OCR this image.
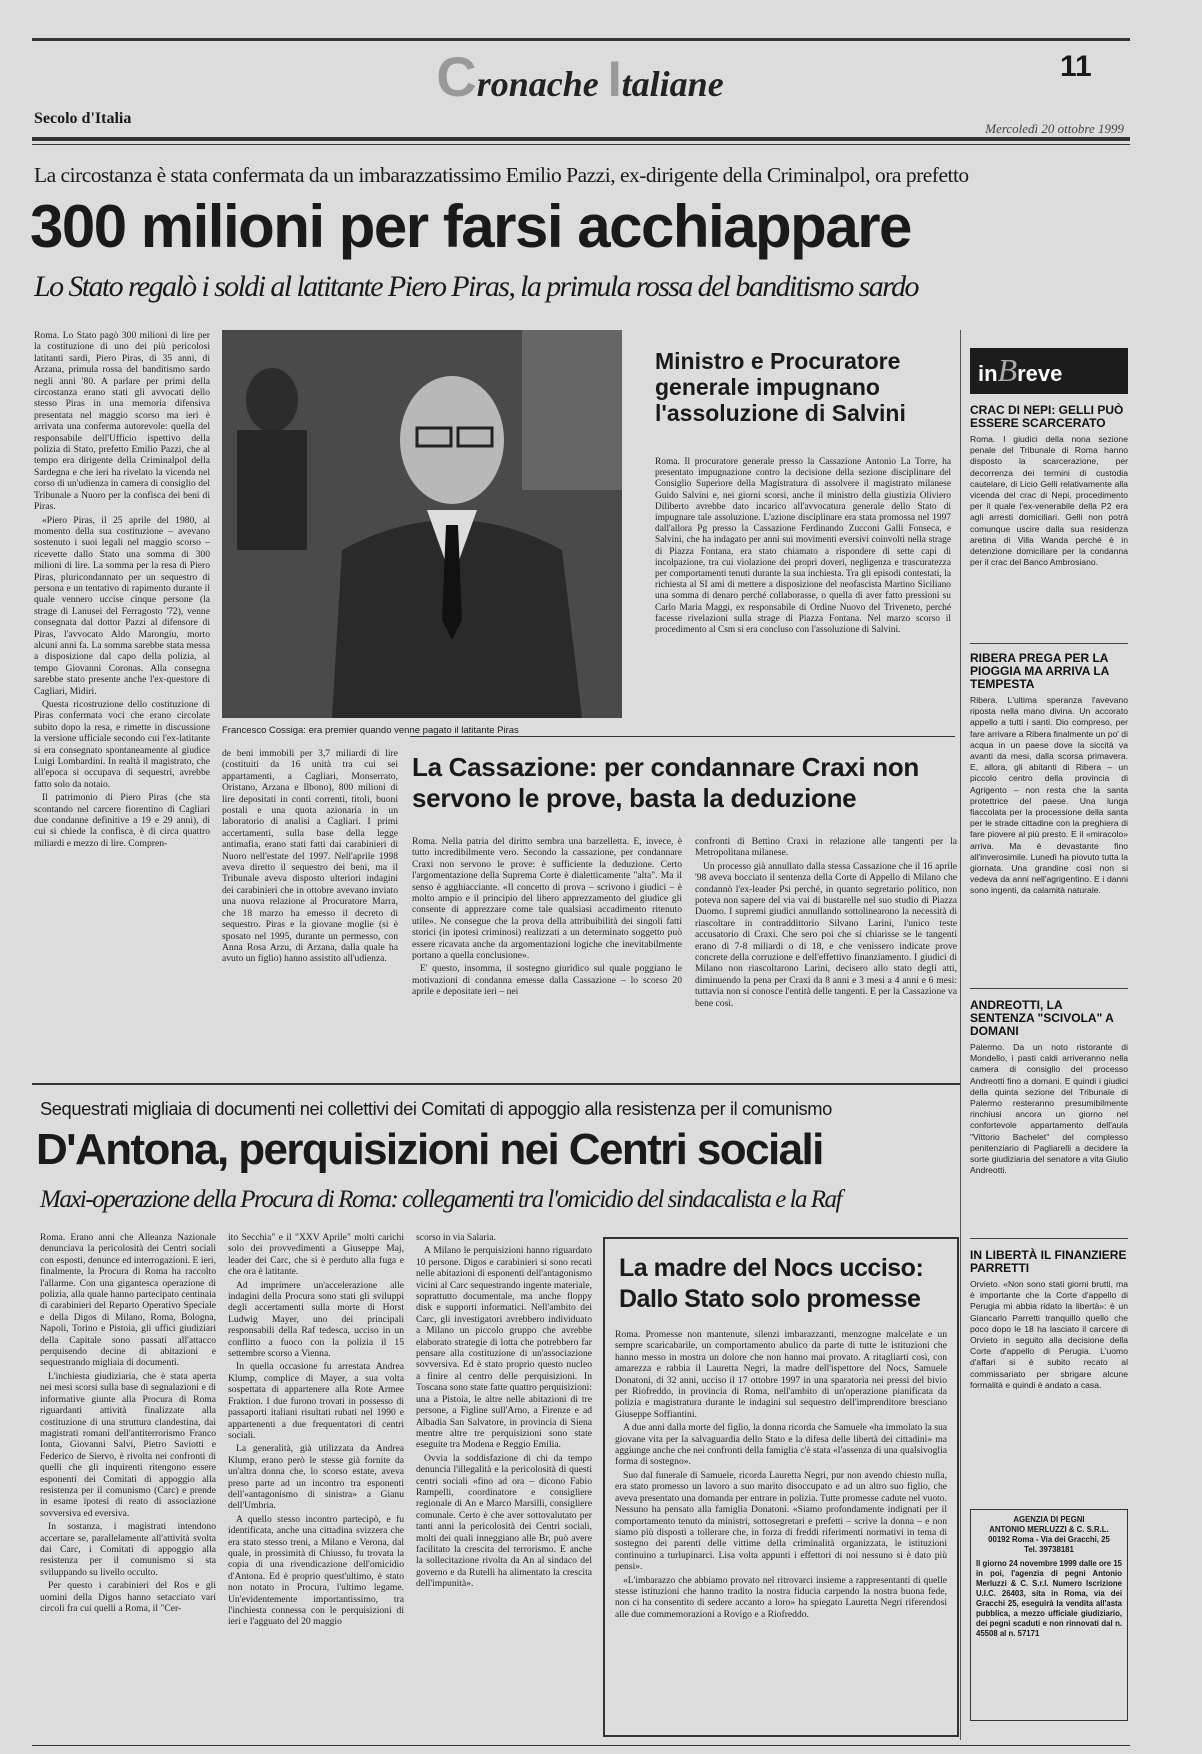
Cronache Italiane	11
Secolo d'Italia
Mercoledì 20 ottobre 1999
La circostanza è stata confermata da un imbarazzatissimo Emilio Pazzi, ex-dirigente della Criminalpol, ora prefetto
300 milioni per farsi acchiappare
Lo Stato regalò i soldi al latitante Piero Piras, la primula rossa del banditismo sardo

Roma. Lo Stato pagò 300 milioni di lire per la costituzione di uno dei più pericolosi latitanti sardi, Piero Piras, di 35 anni, di Arzana, primula rossa del banditismo sardo negli anni '80. A parlare per primi della circostanza erano stati gli avvocati dello stesso Piras in una memoria difensiva presentata nel maggio scorso ma ieri è arrivata una conferma autorevole: quella del responsabile dell'Ufficio ispettivo della polizia di Stato, prefetto Emilio Pazzi, che al tempo era dirigente della Criminalpol della Sardegna e che ieri ha rivelato la vicenda nel corso di un'udienza in camera di consiglio del Tribunale a Nuoro per la confisca dei beni di Piras.

«Piero Piras, il 25 aprile del 1980, al momento della sua costituzione – avevano sostenuto i suoi legali nel maggio scorso – ricevette dallo Stato una somma di 300 milioni di lire. La somma per la resa di Piero Piras, pluricondannato per un sequestro di persona e un tentativo di rapimento durante il quale vennero uccise cinque persone (la strage di Lanusei del Ferragosto '72), venne consegnata dal dottor Pazzi al difensore di Piras, l'avvocato Aldo Marongiu, morto alcuni anni fa. La somma sarebbe stata messa a disposizione dal capo della polizia, al tempo Giovanni Coronas. Alla consegna sarebbe stato presente anche l'ex-questore di Cagliari, Midiri.

Questa ricostruzione dello costituzione di Piras confermata voci che erano circolate subito dopo la resa, e rimette in discussione la versione ufficiale secondo cui l'ex-latitante si era consegnato spontaneamente al giudice Luigi Lombardini. In realtà il magistrato, che all'epoca si occupava di sequestri, avrebbe fatto solo da notaio.

Il patrimonio di Piero Piras (che sta scontando nel carcere fiorentino di Cagliari due condanne definitive a 19 e 29 anni), di cui si chiede la confisca, è di circa quattro miliardi e mezzo di lire. Compren-

Francesco Cossiga: era premier quando venne pagato il latitante Piras

de beni immobili per 3,7 miliardi di lire (costituiti da 16 unità tra cui sei appartamenti, a Cagliari, Monserrato, Oristano, Arzana e Ilbono), 800 milioni di lire depositati in conti correnti, titoli, buoni postali e una quota azionaria in un laboratorio di analisi a Cagliari. I primi accertamenti, sulla base della legge antimafia, erano stati fatti dai carabinieri di Nuoro nell'estate del 1997. Nell'aprile 1998 aveva diretto il sequestro dei beni, ma il Tribunale aveva disposto ulteriori indagini dei carabinieri che in ottobre avevano inviato una nuova relazione al Procuratore Marra, che 18 marzo ha emesso il decreto di sequestro. Piras e la giovane moglie (si è sposato nel 1995, durante un permesso, con Anna Rosa Arzu, di Arzana, dalla quale ha avuto un figlio) hanno assistito all'udienza.

Ministro e Procuratore generale impugnano l'assoluzione di Salvini

Roma. Il procuratore generale presso la Cassazione Antonio La Torre, ha presentato impugnazione contro la decisione della sezione disciplinare del Consiglio Superiore della Magistratura di assolvere il magistrato milanese Guido Salvini e, nei giorni scorsi, anche il ministro della giustizia Oliviero Diliberto avrebbe dato incarico all'avvocatura generale dello Stato di impugnare tale assoluzione. L'azione disciplinare era stata promossa nel 1997 dall'allora Pg presso la Cassazione Ferdinando Zucconi Galli Fonseca, e Salvini, che ha indagato per anni sui movimenti eversivi coinvolti nella strage di Piazza Fontana, era stato chiamato a rispondere di sette capi di incolpazione, tra cui violazione dei propri doveri, negligenza e trascuratezza per comportamenti tenuti durante la sua inchiesta. Tra gli episodi contestati, la richiesta al SI ami di mettere a disposizione del neofascista Martino Siciliano una somma di denaro perché collaborasse, o quella di aver fatto pressioni su Carlo Maria Maggi, ex responsabile di Ordine Nuovo del Triveneto, perché facesse rivelazioni sulla strage di Piazza Fontana. Nel marzo scorso il procedimento al Csm si era concluso con l'assoluzione di Salvini.

La Cassazione: per condannare Craxi non servono le prove, basta la deduzione

Roma. Nella patria del diritto sembra una barzelletta. E, invece, è tutto incredibilmente vero. Secondo la cassazione, per condannare Craxi non servono le prove: è sufficiente la deduzione. Certo l'argomentazione della Suprema Corte è dialetticamente "alta". Ma il senso è agghiacciante. «Il concetto di prova – scrivono i giudici – è molto ampio e il principio del libero apprezzamento del giudice gli consente di apprezzare come tale qualsiasi accadimento ritenuto utile». Ne consegue che la prova della attribuibilità dei singoli fatti storici (in ipotesi criminosi) realizzati a un determinato soggetto può essere ricavata anche da argomentazioni logiche che inevitabilmente portano a quella conclusione».

E' questo, insomma, il sostegno giuridico sul quale poggiano le motivazioni di condanna emesse dalla Cassazione – lo scorso 20 aprile e depositate ieri – nei

confronti di Bettino Craxi in relazione alle tangenti per la Metropolitana milanese.

Un processo già annullato dalla stessa Cassazione che il 16 aprile '98 aveva bocciato il sentenza della Corte di Appello di Milano che condannò l'ex-leader Psi perché, in quanto segretario politico, non poteva non sapere del via vai di bustarelle nel suo studio di Piazza Duomo. I supremi giudici annullando sottolinearono la necessità di riascoltare in contraddittorio Silvano Larini, l'unico teste accusatorio di Craxi. Che sero poi che si chiarisse se le tangenti erano di 7-8 miliardi o di 18, e che venissero indicate prove concrete della corruzione e dell'effettivo finanziamento. I giudici di Milano non riascoltarono Larini, decisero allo stato degli atti, diminuendo la pena per Craxi da 8 anni e 3 mesi a 4 anni e 6 mesi: tuttavia non si conosce l'entità delle tangenti. E per la Cassazione va bene così.

Sequestrati migliaia di documenti nei collettivi dei Comitati di appoggio alla resistenza per il comunismo
D'Antona, perquisizioni nei Centri sociali
Maxi-operazione della Procura di Roma: collegamenti tra l'omicidio del sindacalista e la Raf

Roma. Erano anni che Alleanza Nazionale denunciava la pericolosità dei Centri sociali con esposti, denunce ed interrogazioni. E ieri, finalmente, la Procura di Roma ha raccolto l'allarme. Con una gigantesca operazione di polizia, alla quale hanno partecipato centinaia di carabinieri del Reparto Operativo Speciale e della Digos di Milano, Roma, Bologna, Napoli, Torino e Pistoia, gli uffici giudiziari della Capitale sono passati all'attacco perquisendo decine di abitazioni e sequestrando migliaia di documenti.

L'inchiesta giudiziaria, che è stata aperta nei mesi scorsi sulla base di segnalazioni e di informative giunte alla Procura di Roma riguardanti attività finalizzate alla costituzione di una struttura clandestina, dai magistrati romani dell'antiterrorismo Franco Ionta, Giovanni Salvi, Pietro Saviotti e Federico de Siervo, è rivolta nei confronti di quelli che gli inquirenti ritengono essere esponenti dei Comitati di appoggio alla resistenza per il comunismo (Carc) e prende in esame ipotesi di reato di associazione sovversiva ed eversiva.

In sostanza, i magistrati intendono accertare se, parallelamente all'attività svolta dai Carc, i Comitati di appoggio alla resistenza per il comunismo si sta sviluppando su livello occulto.

Per questo i carabinieri del Ros e gli uomini della Digos hanno setacciato vari circoli fra cui quelli a Roma, il "Cer-

ito Secchia" e il "XXV Aprile" molti carichi solo dei provvedimenti a Giuseppe Maj, leader dei Carc, che si è perduto alla fuga e che ora è latitante.

Ad imprimere un'accelerazione alle indagini della Procura sono stati gli sviluppi degli accertamenti sulla morte di Horst Ludwig Mayer, uno dei principali responsabili della Raf tedesca, ucciso in un conflitto a fuoco con la polizia il 15 settembre scorso a Vienna.

In quella occasione fu arrestata Andrea Klump, complice di Mayer, a sua volta sospettata di appartenere alla Rote Armee Fraktion. I due furono trovati in possesso di passaporti italiani risultati rubati nel 1990 e appartenenti a due frequentatori di centri sociali.

La generalità, già utilizzata da Andrea Klump, erano però le stesse già fornite da un'altra donna che, lo scorso estate, aveva preso parte ad un incontro tra esponenti dell'«antagonismo di sinistra» a Gianu dell'Umbria.

A quello stesso incontro partecipò, e fu identificata, anche una cittadina svizzera che era stato stesso treni, a Milano e Verona, dal quale, in prossimità di Chiusso, fu trovata la copia di una rivendicazione dell'omicidio d'Antona. Ed è proprio quest'ultimo, è stato non notato in Procura, l'ultimo legame. Un'evidentemente importantissimo, tra l'inchiesta connessa con le perquisizioni di ieri e l'agguato del 20 maggio

scorso in via Salaria.

A Milano le perquisizioni hanno riguardato 10 persone. Digos e carabinieri si sono recati nelle abitazioni di esponenti dell'antagonismo vicini al Carc sequestrando ingente materiale, soprattutto documentale, ma anche floppy disk e supporti informatici. Nell'ambito dei Carc, gli investigatori avrebbero individuato a Milano un piccolo gruppo che avrebbe elaborato strategie di lotta che potrebbero far pensare alla costituzione di un'associazione sovversiva. Ed è stato proprio questo nucleo a finire al centro delle perquisizioni. In Toscana sono state fatte quattro perquisizioni: una a Pistoia, le altre nelle abitazioni di tre persone, a Figline sull'Arno, a Firenze e ad Albadia San Salvatore, in provincia di Siena mentre altre tre perquisizioni sono state eseguite tra Modena e Reggio Emilia.

Ovvia la soddisfazione di chi da tempo denuncia l'illegalità e la pericolosità di questi centri sociali «fino ad ora – dicono Fabio Rampelli, coordinatore e consigliere regionale di An e Marco Marsilli, consigliere comunale. Certo è che aver sottovalutato per tanti anni la pericolosità dei Centri sociali, molti dei quali inneggiano alle Br, può avere facilitato la crescita del terrorismo. E anche la sollecitazione rivolta da An al sindaco del governo e da Rutelli ha alimentato la crescita dell'impunità».

La madre del Nocs ucciso: Dallo Stato solo promesse

Roma. Promesse non mantenute, silenzi imbarazzanti, menzogne malcelate e un sempre scaricabarile, un comportamento abulico da parte di tutte le istituzioni che hanno messo in mostra un dolore che non hanno mai provato. A ritagliarti così, con amarezza e rabbia il Lauretta Negri, la madre dell'ispettore del Nocs, Samuele Donatoni, di 32 anni, ucciso il 17 ottobre 1997 in una sparatoria nei pressi del bivio per Riofreddo, in provincia di Roma, nell'ambito di un'operazione pianificata da polizia e magistratura durante le indagini sul sequestro dell'imprenditore bresciano Giuseppe Soffiantini.

A due anni dalla morte del figlio, la donna ricorda che Samuele «ha immolato la sua giovane vita per la salvaguardia dello Stato e la difesa delle libertà dei cittadini» ma aggiunge anche che nei confronti della famiglia c'è stata «l'assenza di una qualsivoglia forma di sostegno».

Suo dal funerale di Samuele, ricorda Lauretta Negri, pur non avendo chiesto nulla, era stato promesso un lavoro a suo marito disoccupato e ad un altro suo figlio, che aveva presentato una domanda per entrare in polizia. Tutte promesse cadute nel vuoto. Nessuno ha pensato alla famiglia Donatoni. «Siamo profondamente indignati per il comportamento tenuto da ministri, sottosegretari e prefetti – scrive la donna – e non siamo più disposti a tollerare che, in forza di freddi riferimenti normativi in tema di sostegno dei parenti delle vittime della criminalità organizzata, le istituzioni continuino a turlupinarci. Lisa volta appunti i effettori di noi nessuno si è dato più pensi».

«L'imbarazzo che abbiamo provato nel ritrovarci insieme a rappresentanti di quelle stesse istituzioni che hanno tradito la nostra fiducia carpendo la nostra buona fede, non ci ha consentito di sedere accanto a loro» ha spiegato Lauretta Negri riferendosi alle due commemorazioni a Rovigo e a Riofreddo.

inBreve
CRAC DI NEPI: GELLI PUÒ ESSERE SCARCERATO
Roma. I giudici della nona sezione penale del Tribunale di Roma hanno disposto la scarcerazione, per decorrenza dei termini di custodia cautelare, di Licio Gelli relativamente alla vicenda del crac di Nepi, procedimento per il quale l'ex-venerabile della P2 era agli arresti domiciliari. Gelli non potrà comunque uscire dalla sua residenza aretina di Villa Wanda perché è in detenzione domiciliare per la condanna per il crac del Banco Ambrosiano.
RIBERA PREGA PER LA PIOGGIA MA ARRIVA LA TEMPESTA
Ribera. L'ultima speranza l'avevano riposta nella mano divina. Un accorato appello a tutti i santi. Dio compreso, per fare arrivare a Ribera finalmente un po' di acqua in un paese dove la siccità va avanti da mesi, dalla scorsa primavera. E, allora, gli abitanti di Ribera – un piccolo centro della provincia di Agrigento – non resta che la santa protettrice del paese. Una lunga fiaccolata per la processione della santa per le strade cittadine con la preghiera di fare piovere al più presto. E il «miracolo» arriva. Ma è devastante fino all'inverosimile. Lunedì ha piovuto tutta la giornata. Una grandine così non si vedeva da anni nell'agrigentino. E i danni sono ingenti, da calamità naturale.
ANDREOTTI, LA SENTENZA "SCIVOLA" A DOMANI
Palermo. Da un noto ristorante di Mondello, i pasti caldi arriveranno nella camera di consiglio del processo Andreotti fino a domani. E quindi i giudici della quinta sezione del Tribunale di Palermo resteranno presumibilmente rinchiusi ancora un giorno nel confortevole appartamento dell'aula "Vittorio Bachelet" del complesso penitenziario di Pagliarelli a decidere la sorte giudiziaria del senatore a vita Giulio Andreotti.
IN LIBERTÀ IL FINANZIERE PARRETTI
Orvieto. «Non sono stati giorni brutti, ma è importante che la Corte d'appello di Perugia mi abbia ridato la libertà»: è un Giancarlo Parretti tranquillo quello che poco dopo le 18 ha lasciato il carcere di Orvieto in seguito alla decisione della Corte d'appello di Perugia. L'uomo d'affari si è subito recato al commissariato per sbrigare alcune formalità e quindi è andato a casa.
AGENZIA DI PEGNI
ANTONIO MERLUZZI & C. S.R.L.
00192 Roma - Via dei Gracchi, 25
Tel. 39738181
Il giorno 24 novembre 1999 dalle ore 15 in poi, l'agenzia di pegni Antonio Merluzzi & C. S.r.l. Numero Iscrizione U.I.C. 26403, sita in Roma, via dei Gracchi 25, eseguirà la vendita all'asta pubblica, a mezzo ufficiale giudiziario, dei pegni scaduti e non rinnovati dal n. 45508 al n. 57171
